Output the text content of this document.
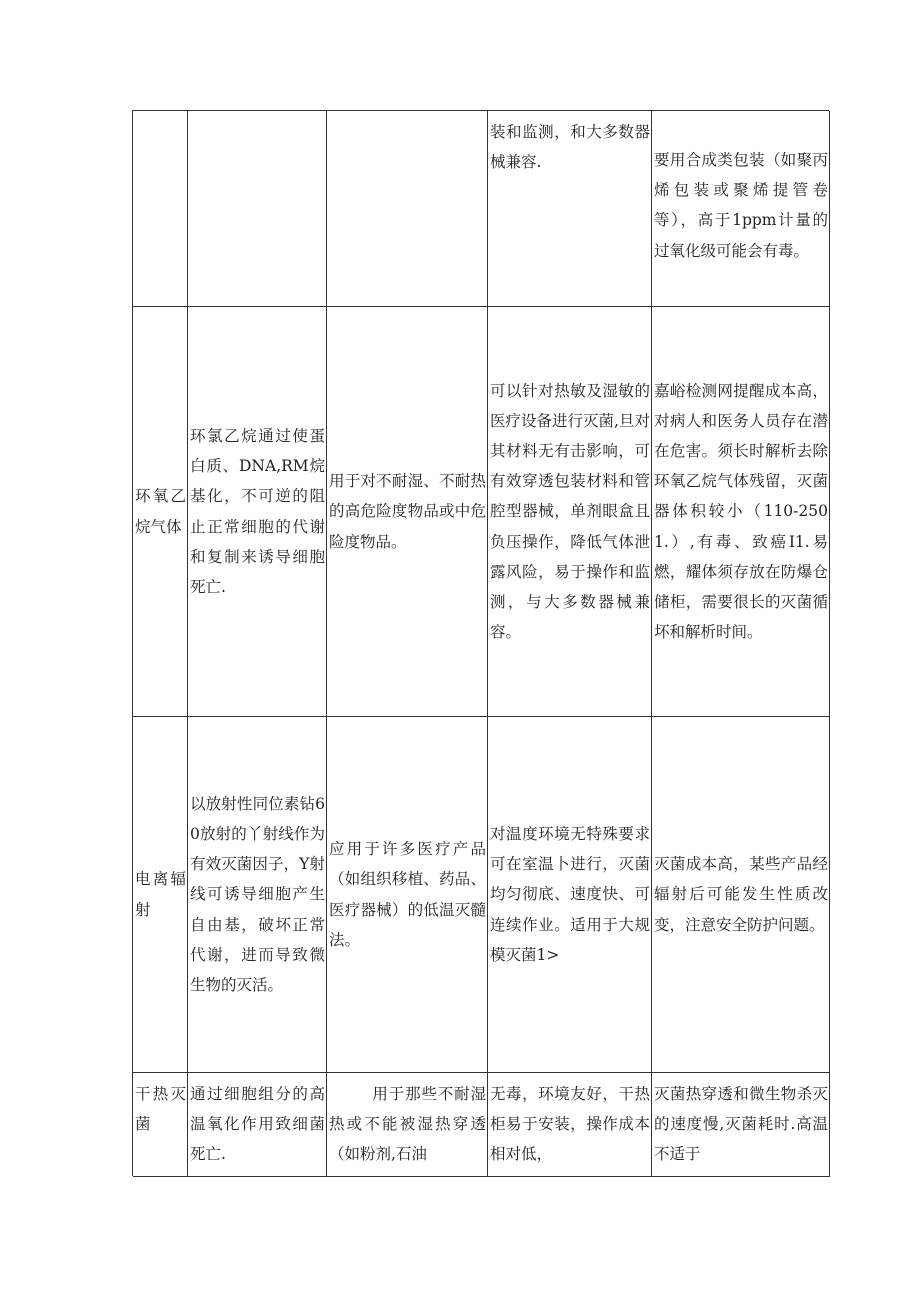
装和监测，和大多数器械兼容.	要用合成类包装（如聚丙烯包装或聚烯提管卷等），高于1ppm计量的过氧化级可能会有毒。
环氧乙烷气体
环氯乙烷通过使蛋白质、DNA,RM烷基化，不可逆的阻止正常细胞的代谢和复制来诱导细胞死亡.
用于对不耐湿、不耐热的高危险度物品或中危险度物品。
可以针对热敏及湿敏的医疗设备进行灭菌,旦对其材料无有击影响，可有效穿透包装材料和管腔型器械，单剂眼盒且负压操作，降低气体泄露风险，易于操作和监测，与大多数器械兼容。
嘉峪检测网提醒成本高，对病人和医务人员存在潜在危害。须长时解析去除环氧乙烷气体残留，灭菌器体积较小（110-2501.）,有毒、致癌I1.易燃，耀体须存放在防爆仓储柜，需要很长的灭菌循坏和解析时间。
电离辐射
以放射性同位素钻60放射的丫射线作为有效灭菌因子，Y射线可诱导细胞产生自由基，破坏正常代谢，进而导致微生物的灭活。
应用于许多医疗产品（如组织移植、药品、医疗器械）的低温灭髓法。
对温度环境无特殊要求可在室温卜进行，灭菌均匀彻底、速度快、可连续作业。适用于大规模灭菌1>
灭菌成本高，某些产品经辐射后可能发生性质改变，注意安全防护问题。
干热灭菌
通过细胞组分的高温氧化作用致细菌死亡.
用于那些不耐湿热或不能被湿热穿透（如粉剂,石油
无毒，环境友好，干热柜易于安装，操作成本相对低，
灭菌热穿透和微生物杀灭的速度慢,灭菌耗时.高温不适于
